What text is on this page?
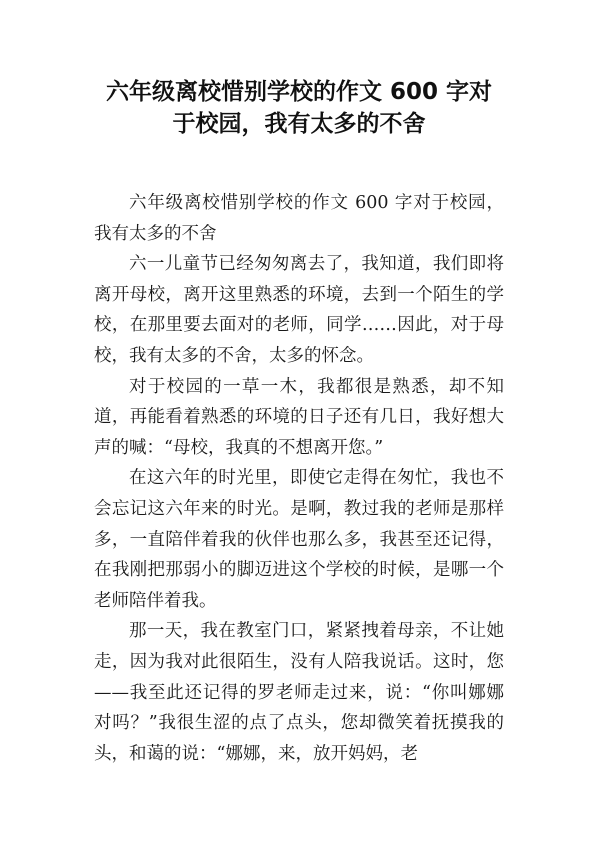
六年级离校惜别学校的作文 600 字对
于校园，我有太多的不舍

六年级离校惜别学校的作文 600 字对于校园，我有太多的不舍

六一儿童节已经匆匆离去了，我知道，我们即将离开母校，离开这里熟悉的环境，去到一个陌生的学校，在那里要去面对的老师，同学……因此，对于母校，我有太多的不舍，太多的怀念。

对于校园的一草一木，我都很是熟悉，却不知道，再能看着熟悉的环境的日子还有几日，我好想大声的喊：“母校，我真的不想离开您。”

在这六年的时光里，即使它走得在匆忙，我也不会忘记这六年来的时光。是啊，教过我的老师是那样多，一直陪伴着我的伙伴也那么多，我甚至还记得，在我刚把那弱小的脚迈进这个学校的时候，是哪一个老师陪伴着我。

那一天，我在教室门口，紧紧拽着母亲，不让她走，因为我对此很陌生，没有人陪我说话。这时，您——我至此还记得的罗老师走过来，说：“你叫娜娜对吗？”我很生涩的点了点头，您却微笑着抚摸我的头，和蔼的说：“娜娜，来，放开妈妈，老
